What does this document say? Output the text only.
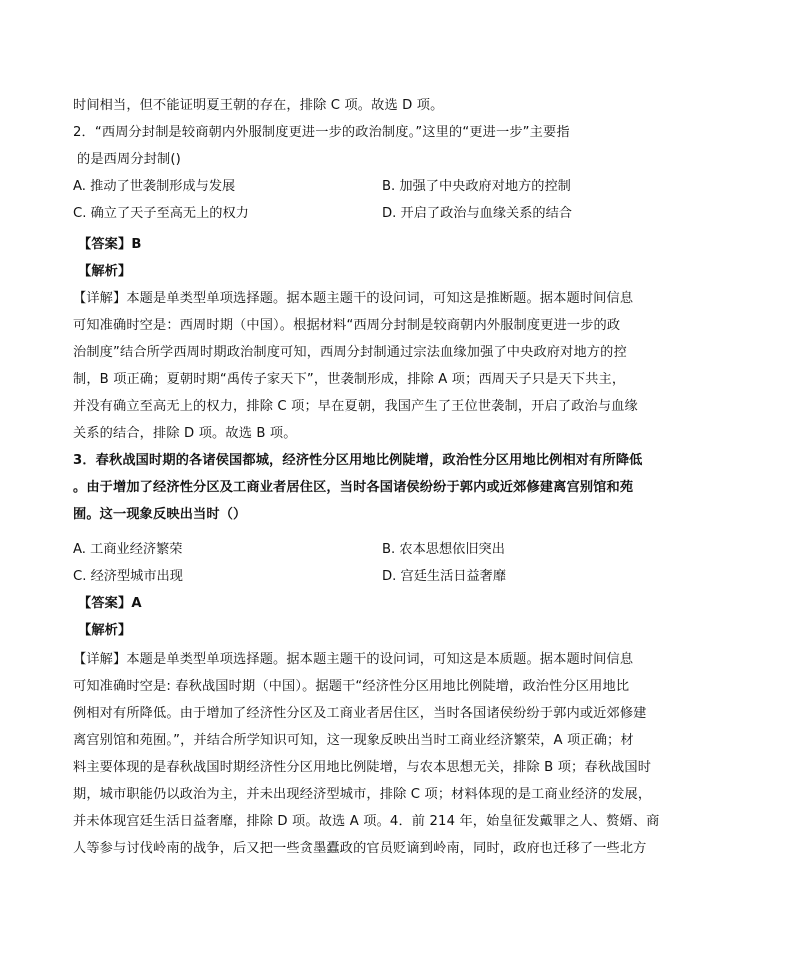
时间相当，但不能证明夏王朝的存在，排除 C 项。故选 D 项。
2．“西周分封制是较商朝内外服制度更进一步的政治制度。”这里的“更进一步”主要指
的是西周分封制()
A. 推动了世袭制形成与发展	B. 加强了中央政府对地方的控制
C. 确立了天子至高无上的权力	D. 开启了政治与血缘关系的结合
【答案】B
【解析】
【详解】本题是单类型单项选择题。据本题主题干的设问词，可知这是推断题。据本题时间信息
可知准确时空是：西周时期（中国）。根据材料“西周分封制是较商朝内外服制度更进一步的政
治制度”结合所学西周时期政治制度可知，西周分封制通过宗法血缘加强了中央政府对地方的控
制，B 项正确；夏朝时期“禹传子家天下”，世袭制形成，排除 A 项；西周天子只是天下共主，
并没有确立至高无上的权力，排除 C 项；早在夏朝，我国产生了王位世袭制，开启了政治与血缘
关系的结合，排除 D 项。故选 B 项。
3．春秋战国时期的各诸侯国都城，经济性分区用地比例陡增，政治性分区用地比例相对有所降低
。由于增加了经济性分区及工商业者居住区，当时各国诸侯纷纷于郭内或近郊修建离宫别馆和苑
囿。这一现象反映出当时（）
A. 工商业经济繁荣	B. 农本思想依旧突出
C. 经济型城市出现	D. 宫廷生活日益奢靡
【答案】A
【解析】
【详解】本题是单类型单项选择题。据本题主题干的设问词，可知这是本质题。据本题时间信息
可知准确时空是: 春秋战国时期（中国）。据题干“经济性分区用地比例陡增，政治性分区用地比
例相对有所降低。由于增加了经济性分区及工商业者居住区，当时各国诸侯纷纷于郭内或近郊修建
离宫别馆和苑囿。”，并结合所学知识可知，这一现象反映出当时工商业经济繁荣，A 项正确；材
料主要体现的是春秋战国时期经济性分区用地比例陡增，与农本思想无关，排除 B 项；春秋战国时
期，城市职能仍以政治为主，并未出现经济型城市，排除 C 项；材料体现的是工商业经济的发展，
并未体现宫廷生活日益奢靡，排除 D 项。故选 A 项。4．前 214 年，始皇征发戴罪之人、赘婿、商
人等参与讨伐岭南的战争，后又把一些贪墨蠹政的官员贬谪到岭南，同时，政府也迁移了一些北方
